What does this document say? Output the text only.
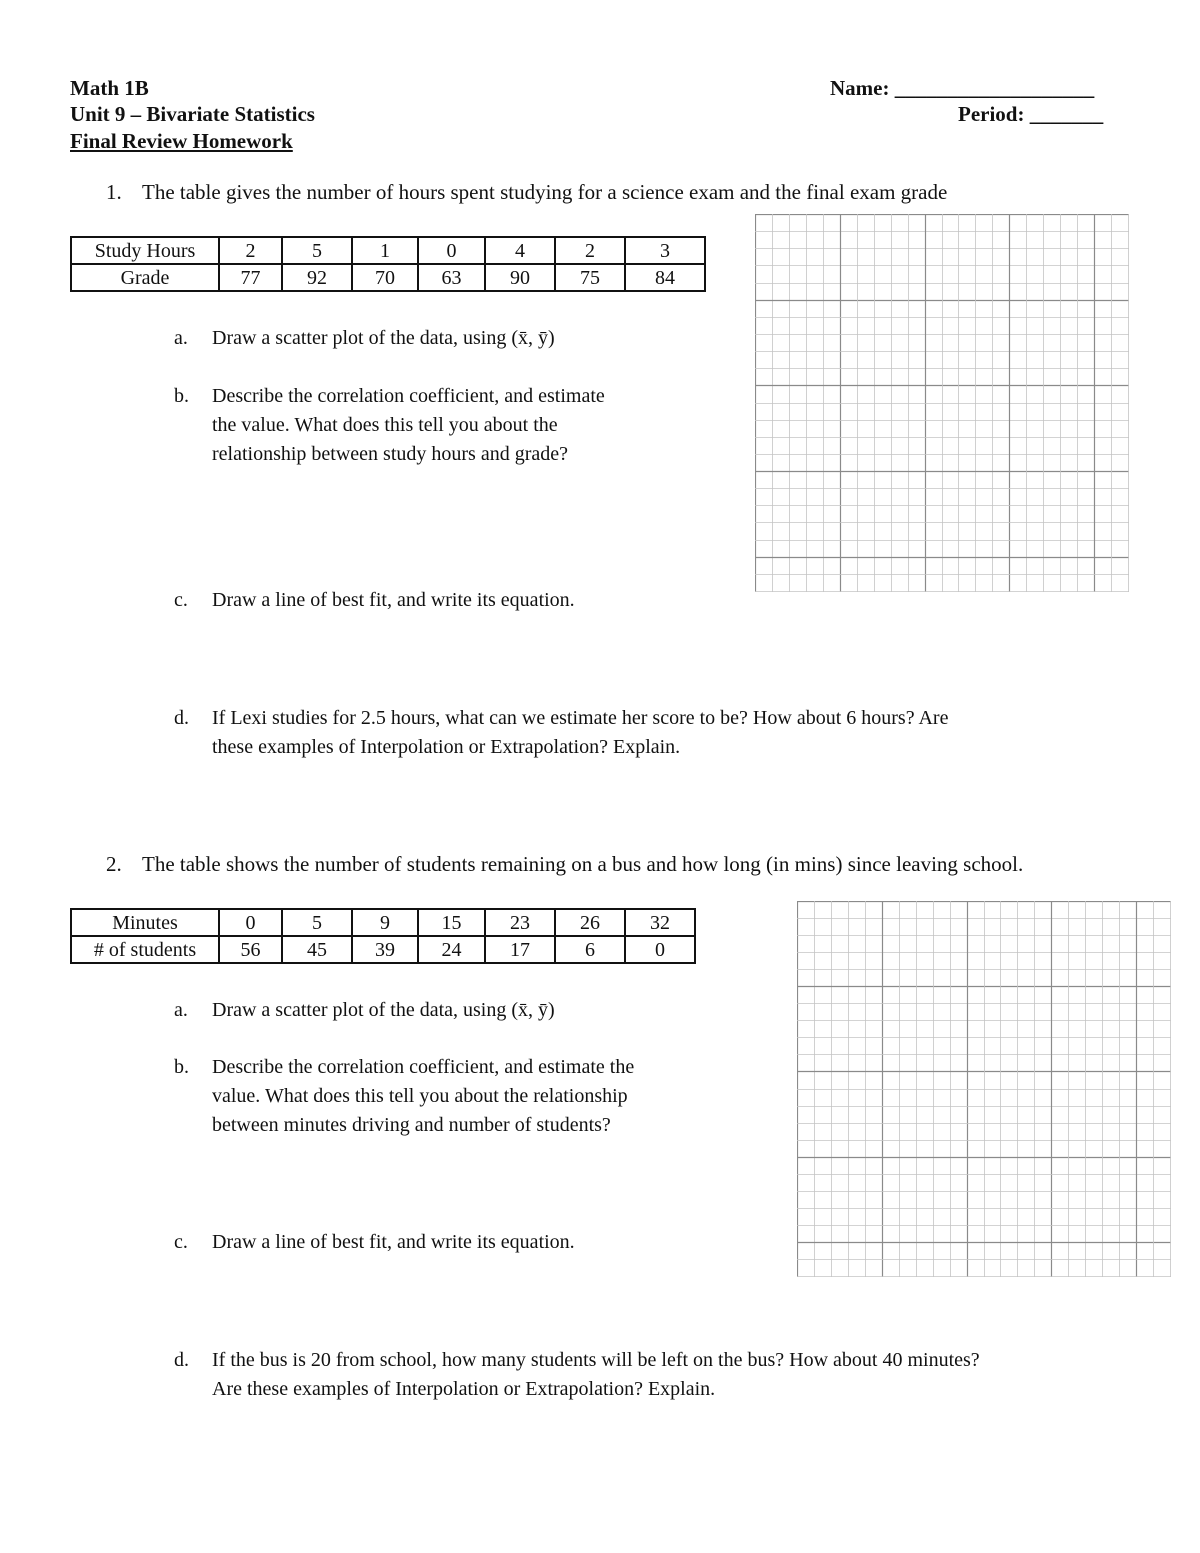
Math 1B
Unit 9 – Bivariate Statistics
Final Review Homework
Name: ___________________
Period: _______
1. The table gives the number of hours spent studying for a science exam and the final exam grade
Study Hours	2	5	1	0	4	2	3
Grade	77	92	70	63	90	75	84
a. Draw a scatter plot of the data, using (x̄, ȳ)
b. Describe the correlation coefficient, and estimate
the value. What does this tell you about the
relationship between study hours and grade?
c. Draw a line of best fit, and write its equation.
d. If Lexi studies for 2.5 hours, what can we estimate her score to be? How about 6 hours? Are
these examples of Interpolation or Extrapolation? Explain.
2. The table shows the number of students remaining on a bus and how long (in mins) since leaving school.
Minutes	0	5	9	15	23	26	32
# of students	56	45	39	24	17	6	0
a. Draw a scatter plot of the data, using (x̄, ȳ)
b. Describe the correlation coefficient, and estimate the
value. What does this tell you about the relationship
between minutes driving and number of students?
c. Draw a line of best fit, and write its equation.
d. If the bus is 20 from school, how many students will be left on the bus? How about 40 minutes?
Are these examples of Interpolation or Extrapolation? Explain.
